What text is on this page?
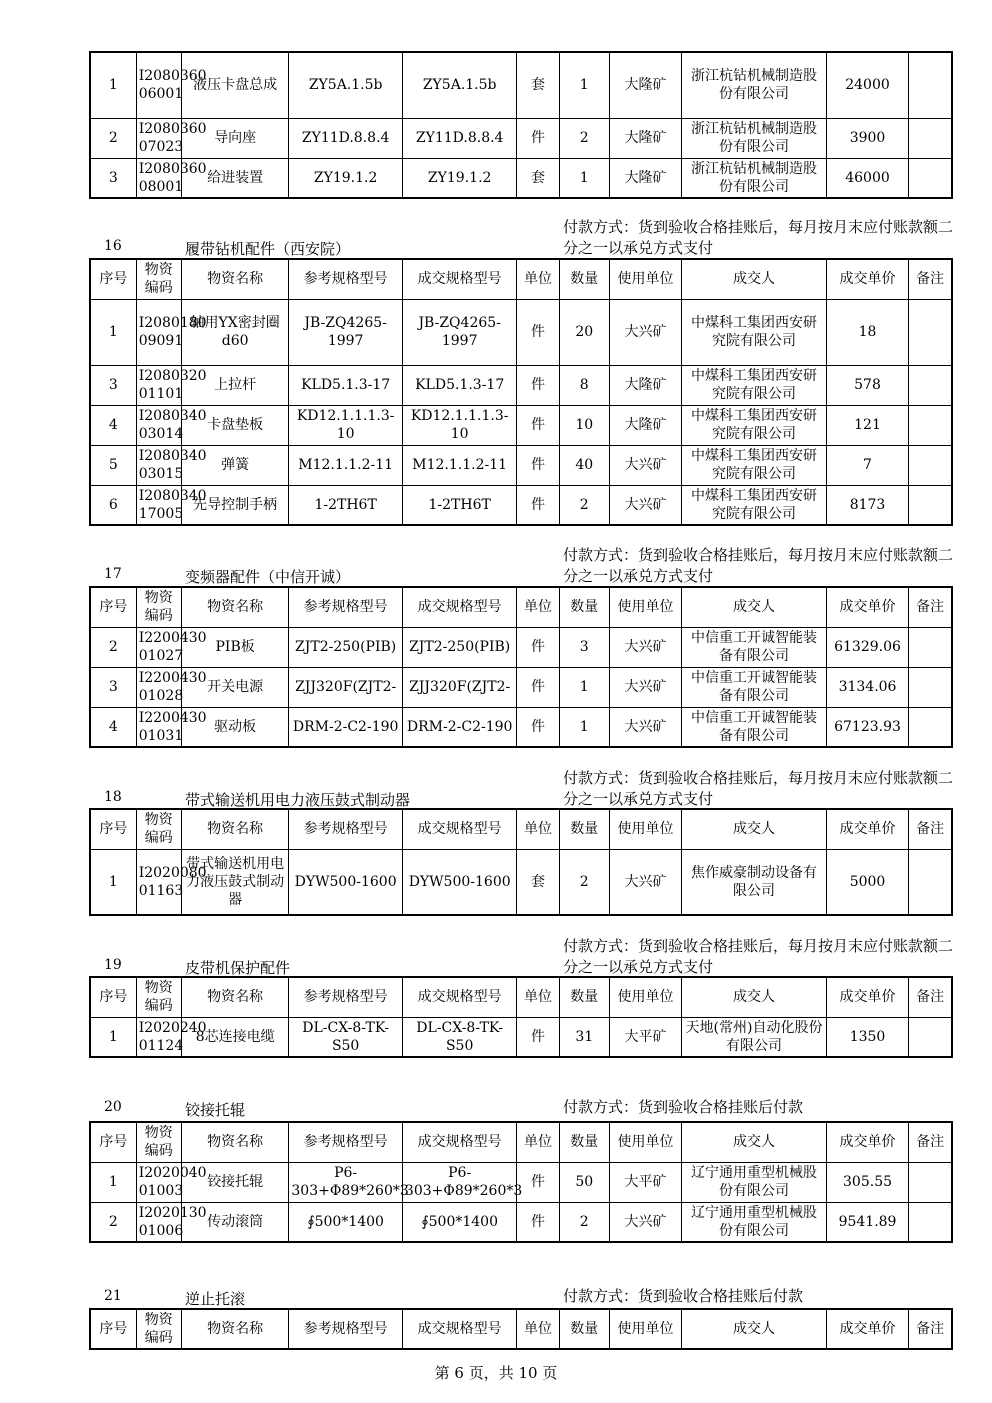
1	I2080360 06001	液压卡盘总成	ZY5A.1.5b	ZY5A.1.5b	套	1	大隆矿	浙江杭钻机械制造股份有限公司	24000	
2	I2080360 07023	导向座	ZY11D.8.8.4	ZY11D.8.8.4	件	2	大隆矿	浙江杭钻机械制造股份有限公司	3900	
3	I2080360 08001	给进装置	ZY19.1.2	ZY19.1.2	套	1	大隆矿	浙江杭钻机械制造股份有限公司	46000	
16	履带钻机配件（西安院）
付款方式：货到验收合格挂账后，每月按月末应付账款额二分之一以承兑方式支付
序号	物资编码	物资名称	参考规格型号	成交规格型号	单位	数量	使用单位	成交人	成交单价	备注
1	I2080180 09091	轴用YX密封圈d60	JB-ZQ4265-1997	JB-ZQ4265-1997	件	20	大兴矿	中煤科工集团西安研究院有限公司	18	
3	I2080320 01101	上拉杆	KLD5.1.3-17	KLD5.1.3-17	件	8	大隆矿	中煤科工集团西安研究院有限公司	578	
4	I2080340 03014	卡盘垫板	KD12.1.1.1.3-10	KD12.1.1.1.3-10	件	10	大隆矿	中煤科工集团西安研究院有限公司	121	
5	I2080340 03015	弹簧	M12.1.1.2-11	M12.1.1.2-11	件	40	大兴矿	中煤科工集团西安研究院有限公司	7	
6	I2080340 17005	先导控制手柄	1-2TH6T	1-2TH6T	件	2	大兴矿	中煤科工集团西安研究院有限公司	8173	
17	变频器配件（中信开诚）
付款方式：货到验收合格挂账后，每月按月末应付账款额二分之一以承兑方式支付
序号	物资编码	物资名称	参考规格型号	成交规格型号	单位	数量	使用单位	成交人	成交单价	备注
2	I2200430 01027	PIB板	ZJT2-250(PIB)	ZJT2-250(PIB)	件	3	大兴矿	中信重工开诚智能装备有限公司	61329.06	
3	I2200430 01028	开关电源	ZJJ320F(ZJT2-	ZJJ320F(ZJT2-	件	1	大兴矿	中信重工开诚智能装备有限公司	3134.06	
4	I2200430 01031	驱动板	DRM-2-C2-190	DRM-2-C2-190	件	1	大兴矿	中信重工开诚智能装备有限公司	67123.93	
18	带式输送机用电力液压鼓式制动器
付款方式：货到验收合格挂账后，每月按月末应付账款额二分之一以承兑方式支付
序号	物资编码	物资名称	参考规格型号	成交规格型号	单位	数量	使用单位	成交人	成交单价	备注
1	I2020080 01163	带式输送机用电力液压鼓式制动器	DYW500-1600	DYW500-1600	套	2	大兴矿	焦作威豪制动设备有限公司	5000	
19	皮带机保护配件
付款方式：货到验收合格挂账后，每月按月末应付账款额二分之一以承兑方式支付
序号	物资编码	物资名称	参考规格型号	成交规格型号	单位	数量	使用单位	成交人	成交单价	备注
1	I2020240 01124	8芯连接电缆	DL-CX-8-TK-S50	DL-CX-8-TK-S50	件	31	大平矿	天地(常州)自动化股份有限公司	1350	
20	铰接托辊	付款方式：货到验收合格挂账后付款
序号	物资编码	物资名称	参考规格型号	成交规格型号	单位	数量	使用单位	成交人	成交单价	备注
1	I2020040 01003	铰接托辊	P6-303+Φ89*260*3	P6-303+Φ89*260*3	件	50	大平矿	辽宁通用重型机械股份有限公司	305.55	
2	I2020130 01006	传动滚筒	∮500*1400	∮500*1400	件	2	大兴矿	辽宁通用重型机械股份有限公司	9541.89	
21	逆止托滚	付款方式：货到验收合格挂账后付款
序号	物资编码	物资名称	参考规格型号	成交规格型号	单位	数量	使用单位	成交人	成交单价	备注
第 6 页，共 10 页
